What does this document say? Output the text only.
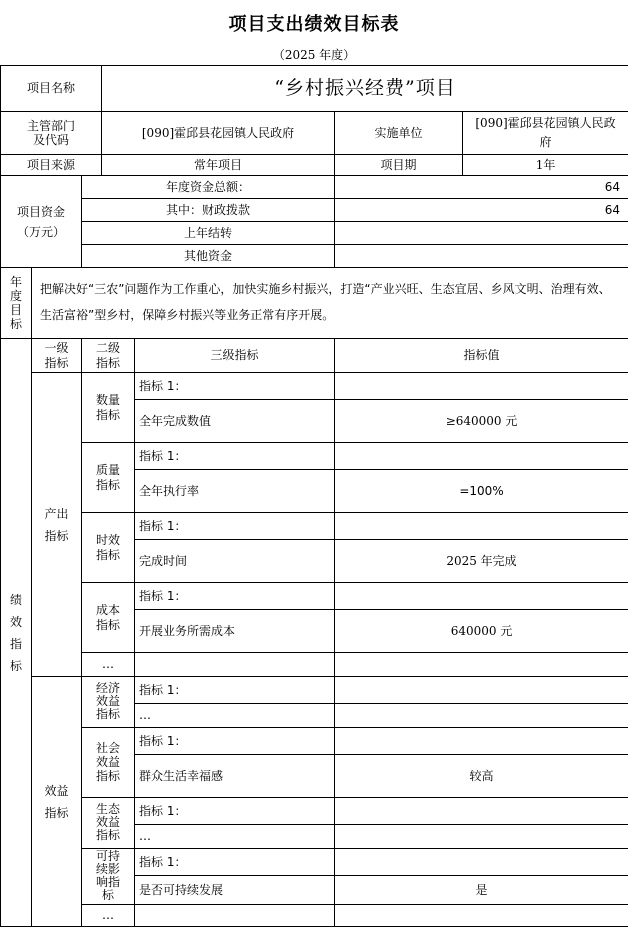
项目支出绩效目标表
（2025 年度）
项目名称			“乡村振兴经费”项目			
主管部门及代码			[090]霍邱县花园镇人民政府		实施单位	[090]霍邱县花园镇人民政府
项目来源			常年项目		项目期	1年
项目资金（万元）		年度资金总额：			64	
		其中：财政拨款			64	
		上年结转				
		其他资金				
年度目标	把解决好“三农”问题作为工作重心，加快实施乡村振兴，打造“产业兴旺、生态宜居、乡风文明、治理有效、生活富裕”型乡村，保障乡村振兴等业务正常有序开展。					
绩效指标	一级指标	二级指标		三级指标	指标值	
	产出指标	数量指标		指标 1：		
				全年完成数值	≥640000 元	
		质量指标		指标 1：		
				全年执行率	=100%	
		时效指标		指标 1：		
				完成时间	2025 年完成	
		成本指标		指标 1：		
				开展业务所需成本	640000 元	
		…				
	效益指标	经济效益指标		指标 1：		
				…		
		社会效益指标		指标 1：		
				群众生活幸福感	较高	
		生态效益指标		指标 1：		
				…		
		可持续影响指标		指标 1：		
				是否可持续发展	是	
		…				
